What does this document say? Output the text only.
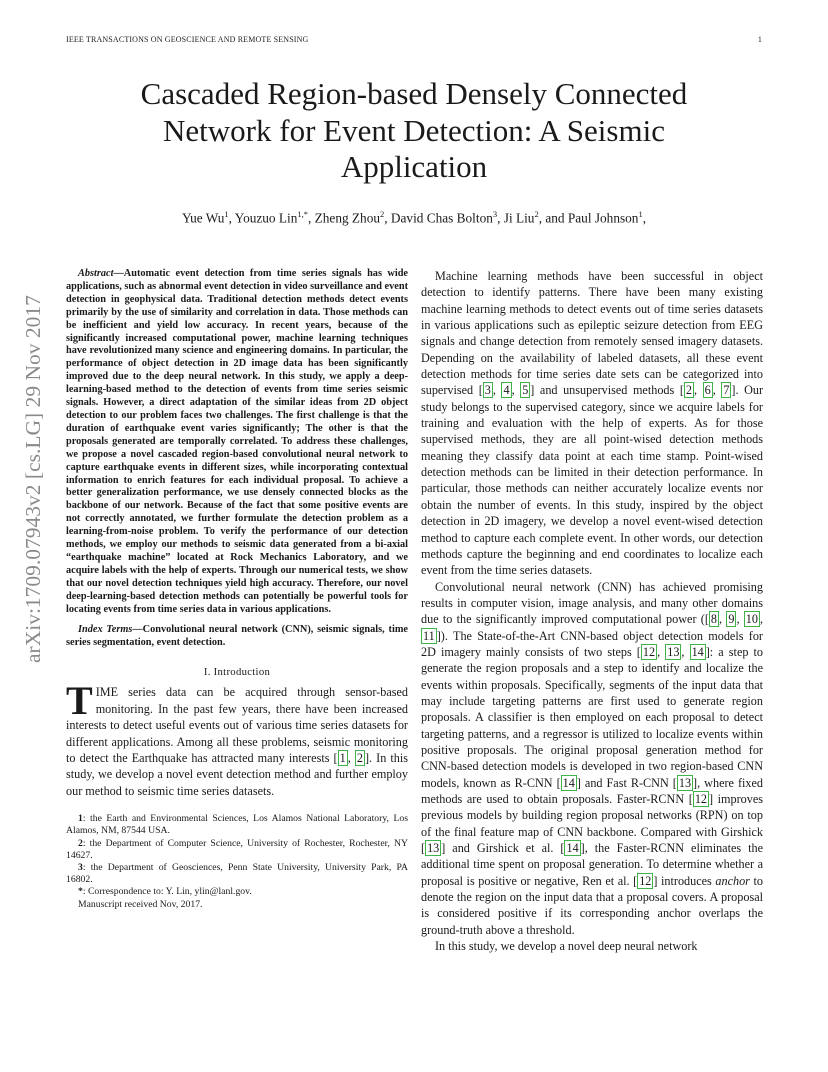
IEEE TRANSACTIONS ON GEOSCIENCE AND REMOTE SENSING	1
arXiv:1709.07943v2 [cs.LG] 29 Nov 2017
Cascaded Region-based Densely Connected Network for Event Detection: A Seismic Application
Yue Wu$^1$, Youzuo Lin$^{1,*}$, Zheng Zhou$^2$, David Chas Bolton$^3$, Ji Liu$^2$, and Paul Johnson$^1$,

Abstract—Automatic event detection from time series signals has wide applications, such as abnormal event detection in video surveillance and event detection in geophysical data. Traditional detection methods detect events primarily by the use of similarity and correlation in data. Those methods can be inefficient and yield low accuracy. In recent years, because of the significantly increased computational power, machine learning techniques have revolutionized many science and engineering domains. In particular, the performance of object detection in 2D image data has been significantly improved due to the deep neural network. In this study, we apply a deep-learning-based method to the detection of events from time series seismic signals. However, a direct adaptation of the similar ideas from 2D object detection to our problem faces two challenges. The first challenge is that the duration of earthquake event varies significantly; The other is that the proposals generated are temporally correlated. To address these challenges, we propose a novel cascaded region-based convolutional neural network to capture earthquake events in different sizes, while incorporating contextual information to enrich features for each individual proposal. To achieve a better generalization performance, we use densely connected blocks as the backbone of our network. Because of the fact that some positive events are not correctly annotated, we further formulate the detection problem as a learning-from-noise problem. To verify the performance of our detection methods, we employ our methods to seismic data generated from a bi-axial “earthquake machine” located at Rock Mechanics Laboratory, and we acquire labels with the help of experts. Through our numerical tests, we show that our novel detection techniques yield high accuracy. Therefore, our novel deep-learning-based detection methods can potentially be powerful tools for locating events from time series data in various applications.

Index Terms—Convolutional neural network (CNN), seismic signals, time series segmentation, event detection.

I. Introduction

TIME series data can be acquired through sensor-based monitoring. In the past few years, there have been increased interests to detect useful events out of various time series datasets for different applications. Among all these problems, seismic monitoring to detect the Earthquake has attracted many interests [ 1 , 2 ]. In this study, we develop a novel event detection method and further employ our method to seismic time series datasets.

1: the Earth and Environmental Sciences, Los Alamos National Laboratory, Los Alamos, NM, 87544 USA.

2: the Department of Computer Science, University of Rochester, Rochester, NY 14627.

3: the Department of Geosciences, Penn State University, University Park, PA 16802.

*: Correspondence to: Y. Lin, ylin@lanl.gov.

Manuscript received Nov, 2017.

Machine learning methods have been successful in object detection to identify patterns. There have been many existing machine learning methods to detect events out of time series datasets in various applications such as epileptic seizure detection from EEG signals and change detection from remotely sensed imagery datasets. Depending on the availability of labeled datasets, all these event detection methods for time series date sets can be categorized into supervised [ 3 , 4 , 5 ] and unsupervised methods [ 2 , 6 , 7 ]. Our study belongs to the supervised category, since we acquire labels for training and evaluation with the help of experts. As for those supervised methods, they are all point-wised detection methods meaning they classify data point at each time stamp. Point-wised detection methods can be limited in their detection performance. In particular, those methods can neither accurately localize events nor obtain the number of events. In this study, inspired by the object detection in 2D imagery, we develop a novel event-wised detection method to capture each complete event. In other words, our detection methods capture the beginning and end coordinates to localize each event from the time series datasets.

Convolutional neural network (CNN) has achieved promising results in computer vision, image analysis, and many other domains due to the significantly improved computational power ([ 8 , 9 , 10 , 11 ]). The State-of-the-Art CNN-based object detection models for 2D imagery mainly consists of two steps [ 12 , 13 , 14 ]: a step to generate the region proposals and a step to identify and localize the events within proposals. Specifically, segments of the input data that may include targeting patterns are first used to generate region proposals. A classifier is then employed on each proposal to detect targeting patterns, and a regressor is utilized to localize events within positive proposals. The original proposal generation method for CNN-based detection models is developed in two region-based CNN models, known as R-CNN [ 14 ] and Fast R-CNN [ 13 ], where fixed methods are used to obtain proposals. Faster-RCNN [ 12 ] improves previous models by building region proposal networks (RPN) on top of the final feature map of CNN backbone. Compared with Girshick [ 13 ] and Girshick et al. [ 14 ], the Faster-RCNN eliminates the additional time spent on proposal generation. To determine whether a proposal is positive or negative, Ren et al. [ 12 ] introduces anchor to denote the region on the input data that a proposal covers. A proposal is considered positive if its corresponding anchor overlaps the ground-truth above a threshold.

In this study, we develop a novel deep neural network
